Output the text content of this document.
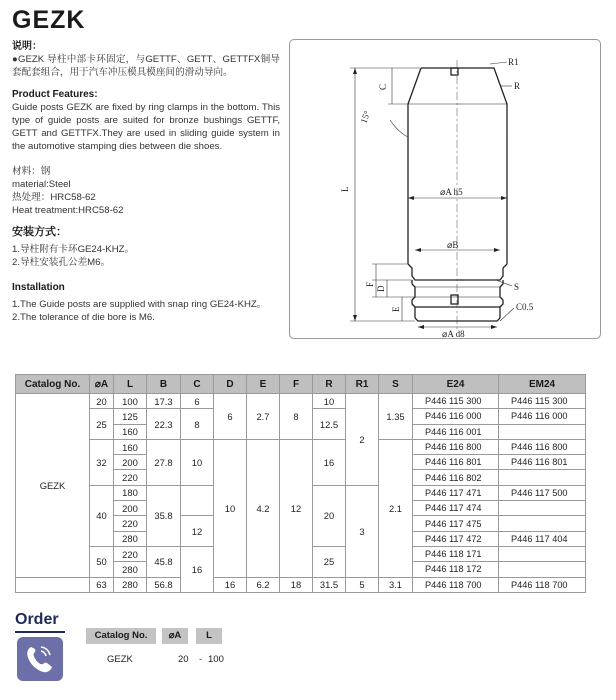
GEZK

说明：

●GEZK 导柱中部卡环固定，与GETTF、GETT、GETTFX铜导套配套组合，用于汽车冲压模具模座间的滑动导向。

Product Features:

Guide posts GEZK are fixed by ring clamps in the bottom. This type of guide posts are suited for bronze bushings GETTF, GETT and GETTFX.They are used in sliding guide system in the automotive stamping dies between die shoes.

材料：钢

material:Steel

热处理：HRC58-62

Heat treatment:HRC58-62

安装方式：

1.导柱附有卡环GE24-KHZ。

2.导柱安装孔公差M6。

Installation

1.The Guide posts are supplied with snap ring GE24-KHZ。

2.The tolerance of die bore is M6.

R1
R
C
15°
L	⌀A h5
⌀B
S
F
D
E	C0.5
⌀A d8
Catalog No.	⌀A	L	B	C	D	E	F	R	R1	S	E24	EM24
GEZK	20	100	17.3	6	6	2.7	8	10	2	1.35	P446 115 300	P446 115 300
	25	125	22.3	8				12.5			P446 116 000	P446 116 000
		160									P446 116 001	
	32	160	27.8	10	10	4.2	12	16		2.1	P446 116 800	P446 116 800
		200									P446 116 801	P446 116 801
		220									P446 116 802	
	40	180	35.8					20	3		P446 117 471	P446 117 500
		200									P446 117 474	
		220		12							P446 117 475	
		280									P446 117 472	P446 117 404
	50	220	45.8	16				25			P446 118 171	
		280									P446 118 172	
	63	280	56.8		16	6.2	18	31.5	5	3.1	P446 118 700	P446 118 700
Order
Catalog No.	⌀A	L
GEZK	20 - 100
